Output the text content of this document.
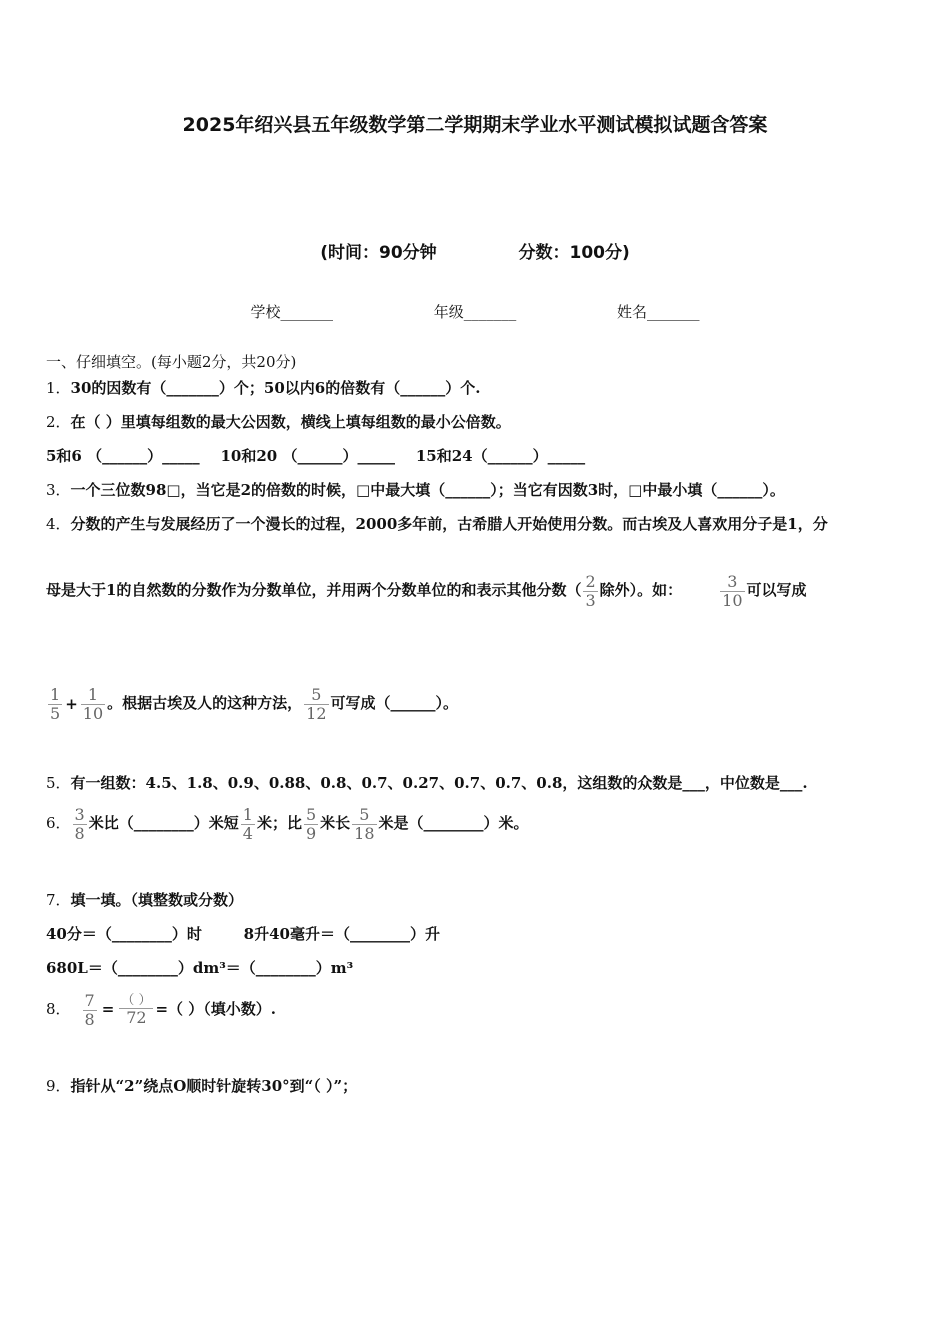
2025年绍兴县五年级数学第二学期期末学业水平测试模拟试题含答案
(时间：90分钟	分数：100分)
学校_______	年级_______	姓名_______
一、仔细填空。(每小题2分，共20分)
1．30的因数有（_______）个；50以内6的倍数有（______）个.
2．在（ ）里填每组数的最大公因数，横线上填每组数的最小公倍数。
5和6 （______）_____    10和20 （______）_____    15和24（______）_____
3．一个三位数98□，当它是2的倍数的时候，□中最大填（______）；当它有因数3时，□中最小填（______）。
4．分数的产生与发展经历了一个漫长的过程，2000多年前，古希腊人开始使用分数。而古埃及人喜欢用分子是1，分
母是大于1的自然数的分数作为分数单位，并用两个分数单位的和表示其他分数（ $\frac{2}{3}$ 除外）。如： $\frac{3}{10}$ 可以写成
$\frac{1}{5} + \frac{1}{10}$ 。根据古埃及人的这种方法， $\frac{5}{12}$ 可写成（______）。
5．有一组数：4.5、1.8、0.9、0.88、0.8、0.7、0.27、0.7、0.7、0.8，这组数的众数是___，中位数是___.
6． $\frac{3}{8}$ 米比（________）米短 $\frac{1}{4}$ 米；比 $\frac{5}{9}$ 米长 $\frac{5}{18}$ 米是（________）米。
7．填一填。（填整数或分数）
40分＝（________）时        8升40毫升＝（________）升
680L＝（________）dm³＝（________）m³
8． $\frac{7}{8} = \frac{( )}{72}$ =（ ）（填小数）.
9．指针从“2”绕点O顺时针旋转30°到“（ ）”；
